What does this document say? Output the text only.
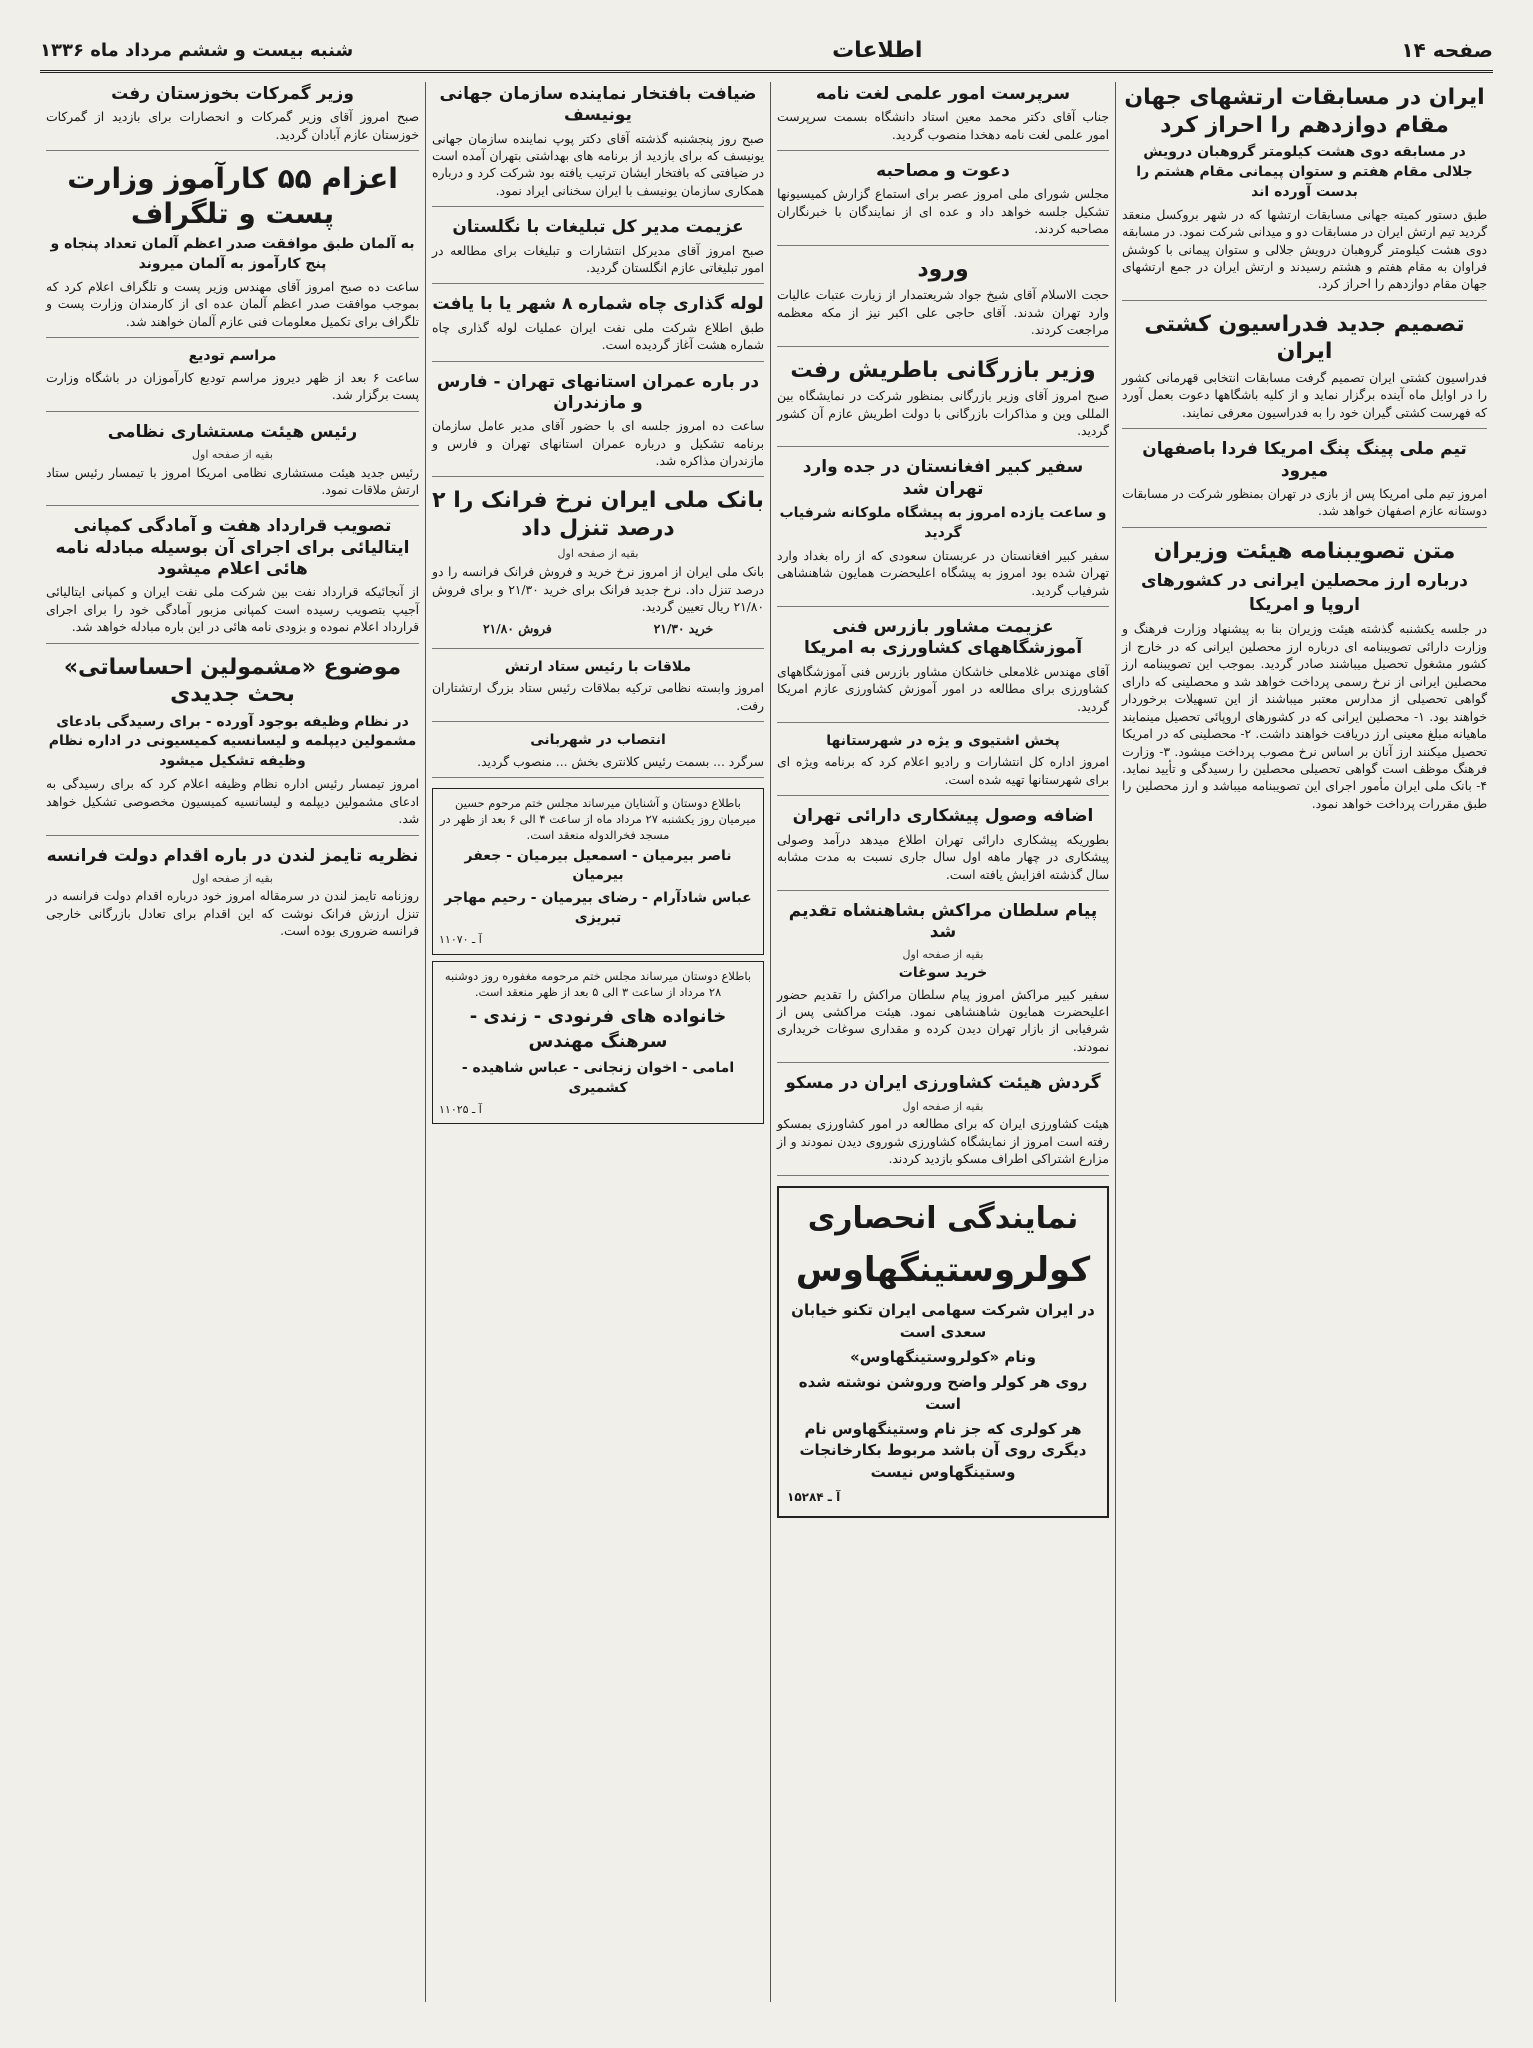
صفحه ۱۴
اطلاعات
شنبه بیست و ششم مرداد ماه ۱۳۳۶
ایران در مسابقات ارتشهای جهان مقام دوازدهم را احراز کرد
در مسابقه دوی هشت کیلومتر گروهبان درویش جلالی مقام هفتم و ستوان پیمانی مقام هشتم را بدست آورده اند

طبق دستور کمیته جهانی مسابقات ارتشها که در شهر بروکسل منعقد گردید تیم ارتش ایران در مسابقات دو و میدانی شرکت نمود. در مسابقه دوی هشت کیلومتر گروهبان درویش جلالی و ستوان پیمانی با کوشش فراوان به مقام هفتم و هشتم رسیدند و ارتش ایران در جمع ارتشهای جهان مقام دوازدهم را احراز کرد.

تصمیم جدید فدراسیون کشتی ایران

فدراسیون کشتی ایران تصمیم گرفت مسابقات انتخابی قهرمانی کشور را در اوایل ماه آینده برگزار نماید و از کلیه باشگاهها دعوت بعمل آورد که فهرست کشتی گیران خود را به فدراسیون معرفی نمایند.

تیم ملی پینگ پنگ امریکا فردا باصفهان میرود

امروز تیم ملی امریکا پس از بازی در تهران بمنظور شرکت در مسابقات دوستانه عازم اصفهان خواهد شد.

متن تصویبنامه هیئت وزیران
درباره ارز محصلین ایرانی در کشورهای اروپا و امریکا

در جلسه یکشنبه گذشته هیئت وزیران بنا به پیشنهاد وزارت فرهنگ و وزارت دارائی تصویبنامه ای درباره ارز محصلین ایرانی که در خارج از کشور مشغول تحصیل میباشند صادر گردید. بموجب این تصویبنامه ارز محصلین ایرانی از نرخ رسمی پرداخت خواهد شد و محصلینی که دارای گواهی تحصیلی از مدارس معتبر میباشند از این تسهیلات برخوردار خواهند بود. ۱- محصلین ایرانی که در کشورهای اروپائی تحصیل مینمایند ماهیانه مبلغ معینی ارز دریافت خواهند داشت. ۲- محصلینی که در امریکا تحصیل میکنند ارز آنان بر اساس نرخ مصوب پرداخت میشود. ۳- وزارت فرهنگ موظف است گواهی تحصیلی محصلین را رسیدگی و تأیید نماید. ۴- بانک ملی ایران مأمور اجرای این تصویبنامه میباشد و ارز محصلین را طبق مقررات پرداخت خواهد نمود.

سرپرست امور علمی لغت نامه

جناب آقای دکتر محمد معین استاد دانشگاه بسمت سرپرست امور علمی لغت نامه دهخدا منصوب گردید.

دعوت و مصاحبه

مجلس شورای ملی امروز عصر برای استماع گزارش کمیسیونها تشکیل جلسه خواهد داد و عده ای از نمایندگان با خبرنگاران مصاحبه کردند.

ورود

حجت الاسلام آقای شیخ جواد شریعتمدار از زیارت عتبات عالیات وارد تهران شدند. آقای حاجی علی اکبر نیز از مکه معظمه مراجعت کردند.

وزیر بازرگانی باطریش رفت

صبح امروز آقای وزیر بازرگانی بمنظور شرکت در نمایشگاه بین المللی وین و مذاکرات بازرگانی با دولت اطریش عازم آن کشور گردید.

سفیر کبیر افغانستان در جده وارد تهران شد
و ساعت یازده امروز به پیشگاه ملوکانه شرفیاب گردید

سفیر کبیر افغانستان در عربستان سعودی که از راه بغداد وارد تهران شده بود امروز به پیشگاه اعلیحضرت همایون شاهنشاهی شرفیاب گردید.

عزیمت مشاور بازرس فنی آموزشگاههای کشاورزی به امریکا

آقای مهندس غلامعلی خاشکان مشاور بازرس فنی آموزشگاههای کشاورزی برای مطالعه در امور آموزش کشاورزی عازم امریکا گردید.

پخش اشتیوی و یژه در شهرستانها

امروز اداره کل انتشارات و رادیو اعلام کرد که برنامه ویژه ای برای شهرستانها تهیه شده است.

اضافه وصول پیشکاری دارائی تهران

بطوریکه پیشکاری دارائی تهران اطلاع میدهد درآمد وصولی پیشکاری در چهار ماهه اول سال جاری نسبت به مدت مشابه سال گذشته افزایش یافته است.

پیام سلطان مراکش بشاهنشاه تقدیم شد
بقیه از صفحه اول
خرید سوغات

سفیر کبیر مراکش امروز پیام سلطان مراکش را تقدیم حضور اعلیحضرت همایون شاهنشاهی نمود. هیئت مراکشی پس از شرفیابی از بازار تهران دیدن کرده و مقداری سوغات خریداری نمودند.

گردش هیئت کشاورزی ایران در مسکو
بقیه از صفحه اول

هیئت کشاورزی ایران که برای مطالعه در امور کشاورزی بمسکو رفته است امروز از نمایشگاه کشاورزی شوروی دیدن نمودند و از مزارع اشتراکی اطراف مسکو بازدید کردند.

نمایندگی انحصاری
کولروستینگهاوس
در ایران شرکت سهامی ایران تکنو خیابان سعدی است
ونام «کولروستینگهاوس»
روی هر کولر واضح وروشن نوشته شده است
هر کولری که جز نام وستینگهاوس نام دیگری روی آن باشد مربوط بکارخانجات وستینگهاوس نیست
آ ـ ۱۵۲۸۴
ضیافت بافتخار نماینده سازمان جهانی یونیسف

صبح روز پنجشنبه گذشته آقای دکتر پوپ نماینده سازمان جهانی یونیسف که برای بازدید از برنامه های بهداشتی بتهران آمده است در ضیافتی که بافتخار ایشان ترتیب یافته بود شرکت کرد و درباره همکاری سازمان یونیسف با ایران سخنانی ایراد نمود.

عزیمت مدیر کل تبلیغات با نگلستان

صبح امروز آقای مدیرکل انتشارات و تبلیغات برای مطالعه در امور تبلیغاتی عازم انگلستان گردید.

لوله گذاری چاه شماره ۸ شهر یا با یافت

طبق اطلاع شرکت ملی نفت ایران عملیات لوله گذاری چاه شماره هشت آغاز گردیده است.

در باره عمران استانهای تهران - فارس و مازندران

ساعت ده امروز جلسه ای با حضور آقای مدیر عامل سازمان برنامه تشکیل و درباره عمران استانهای تهران و فارس و مازندران مذاکره شد.

بانک ملی ایران نرخ فرانک را ۲ درصد تنزل داد
بقیه از صفحه اول

بانک ملی ایران از امروز نرخ خرید و فروش فرانک فرانسه را دو درصد تنزل داد. نرخ جدید فرانک برای خرید ۲۱/۳۰ و برای فروش ۲۱/۸۰ ریال تعیین گردید.

خرید ۲۱/۳۰
فروش ۲۱/۸۰
ملاقات با رئیس ستاد ارتش

امروز وابسته نظامی ترکیه بملاقات رئیس ستاد بزرگ ارتشتاران رفت.

انتصاب در شهربانی

سرگرد ... بسمت رئیس کلانتری بخش ... منصوب گردید.

باطلاع دوستان و آشنایان میرساند مجلس ختم مرحوم حسین میرمیان روز یکشنبه ۲۷ مرداد ماه از ساعت ۴ الی ۶ بعد از ظهر در مسجد فخرالدوله منعقد است.
ناصر بیرمیان - اسمعیل بیرمیان - جعفر بیرمیان
عباس شادآرام - رضای بیرمیان - رحیم مهاجر تبریزی
آ ـ ۱۱۰۷۰
باطلاع دوستان میرساند مجلس ختم مرحومه مغفوره روز دوشنبه ۲۸ مرداد از ساعت ۳ الی ۵ بعد از ظهر منعقد است.
خانواده های فرنودی - زندی - سرهنگ مهندس
امامی - اخوان زنجانی - عباس شاهیده - کشمیری
آ ـ ۱۱۰۲۵
وزیر گمرکات بخوزستان رفت

صبح امروز آقای وزیر گمرکات و انحصارات برای بازدید از گمرکات خوزستان عازم آبادان گردید.

اعزام ۵۵ کارآموز وزارت پست و تلگراف
به آلمان طبق موافقت صدر اعظم آلمان تعداد پنجاه و پنج کارآموز به آلمان میروند

ساعت ده صبح امروز آقای مهندس وزیر پست و تلگراف اعلام کرد که بموجب موافقت صدر اعظم آلمان عده ای از کارمندان وزارت پست و تلگراف برای تکمیل معلومات فنی عازم آلمان خواهند شد.

مراسم تودیع

ساعت ۶ بعد از ظهر دیروز مراسم تودیع کارآموزان در باشگاه وزارت پست برگزار شد.

رئیس هیئت مستشاری نظامی
بقیه از صفحه اول

رئیس جدید هیئت مستشاری نظامی امریکا امروز با تیمسار رئیس ستاد ارتش ملاقات نمود.

تصویب قرارداد هفت و آمادگی کمپانی ایتالیائی برای اجرای آن بوسیله مبادله نامه هائی اعلام میشود

از آنجائیکه قرارداد نفت بین شرکت ملی نفت ایران و کمپانی ایتالیائی آجیپ بتصویب رسیده است کمپانی مزبور آمادگی خود را برای اجرای قرارداد اعلام نموده و بزودی نامه هائی در این باره مبادله خواهد شد.

موضوع «مشمولین احساساتی» بحث جدیدی
در نظام وظیفه بوجود آورده - برای رسیدگی بادعای مشمولین دیپلمه و لیسانسیه کمیسیونی در اداره نظام وظیفه تشکیل میشود

امروز تیمسار رئیس اداره نظام وظیفه اعلام کرد که برای رسیدگی به ادعای مشمولین دیپلمه و لیسانسیه کمیسیون مخصوصی تشکیل خواهد شد.

نظریه تایمز لندن در باره اقدام دولت فرانسه
بقیه از صفحه اول

روزنامه تایمز لندن در سرمقاله امروز خود درباره اقدام دولت فرانسه در تنزل ارزش فرانک نوشت که این اقدام برای تعادل بازرگانی خارجی فرانسه ضروری بوده است.
